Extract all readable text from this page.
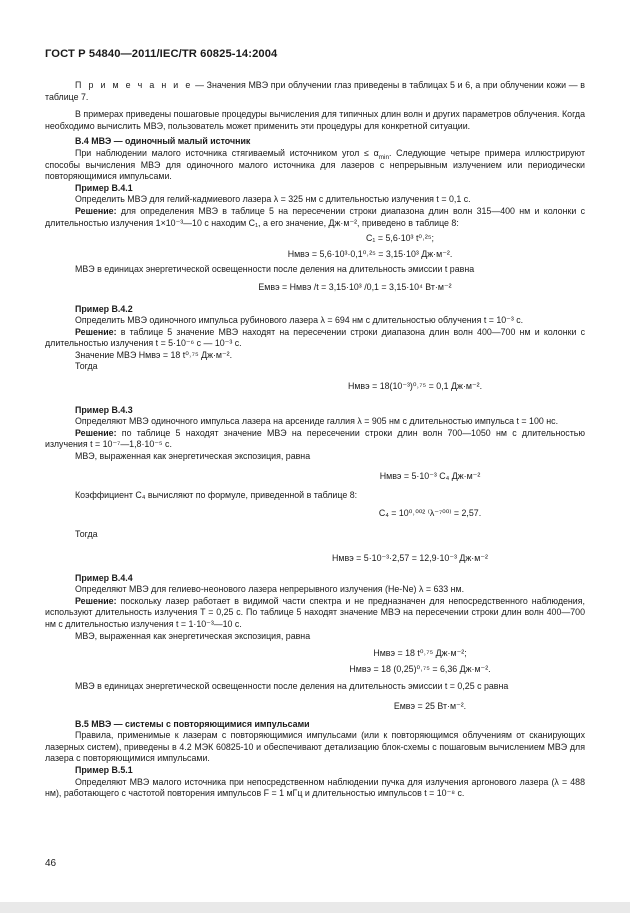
ГОСТ Р 54840—2011/IEC/TR 60825-14:2004

П р и м е ч а н и е — Значения МВЭ при облучении глаз приведены в таблицах 5 и 6, а при облучении кожи — в таблице 7.

В примерах приведены пошаговые процедуры вычисления для типичных длин волн и других параметров облучения. Когда необходимо вычислить МВЭ, пользователь может применить эти процедуры для конкретной ситуации.

В.4 МВЭ — одиночный малый источник

При наблюдении малого источника стягиваемый источником угол ≤ $\alpha_{min}$. Следующие четыре примера иллюстрируют способы вычисления МВЭ для одиночного малого источника для лазеров с непрерывным излучением или периодически повторяющимися импульсами.

Пример В.4.1

Определить МВЭ для гелий-кадмиевого лазера λ = 325 нм с длительностью излучения t = 0,1 с.

Решение: для определения МВЭ в таблице 5 на пересечении строки диапазона длин волн 315—400 нм и колонки с длительностью излучения 1×10⁻³—10 с находим C₁, а его значение, Дж·м⁻², приведено в таблице 8:

C₁ = 5,6·10³ t⁰˒²⁵;

Hмвэ = 5,6·10³·0,1⁰˒²⁵ = 3,15·10³ Дж·м⁻².

МВЭ в единицах энергетической освещенности после деления на длительность эмиссии t равна

Eмвэ = Hмвэ /t = 3,15·10³ /0,1 = 3,15·10⁴ Вт·м⁻²

Пример В.4.2

Определить МВЭ одиночного импульса рубинового лазера λ = 694 нм с длительностью облучения t = 10⁻³ с.

Решение: в таблице 5 значение МВЭ находят на пересечении строки диапазона длин волн 400—700 нм и колонки с длительностью излучения t = 5·10⁻⁶ с — 10⁻³ с.

Значение МВЭ Hмвэ = 18 t⁰˒⁷⁵ Дж·м⁻².

Тогда

Hмвэ = 18(10⁻³)⁰˒⁷⁵ = 0,1 Дж·м⁻².

Пример В.4.3

Определяют МВЭ одиночного импульса лазера на арсениде галлия λ = 905 нм с длительностью импульса t = 100 нс.

Решение: по таблице 5 находят значение МВЭ на пересечении строки длин волн 700—1050 нм с длительностью излучения t = 10⁻⁷—1,8·10⁻⁵ с.

МВЭ, выраженная как энергетическая экспозиция, равна

Hмвэ = 5·10⁻³ C₄ Дж·м⁻²

Коэффициент C₄ вычисляют по формуле, приведенной в таблице 8:

C₄ = 10⁰˒⁰⁰² ⁽λ⁻⁷⁰⁰⁾ = 2,57.

Тогда

Hмвэ = 5·10⁻³·2,57 = 12,9·10⁻³ Дж·м⁻²

Пример В.4.4

Определяют МВЭ для гелиево-неонового лазера непрерывного излучения (He-Ne) λ = 633 нм.

Решение: поскольку лазер работает в видимой части спектра и не предназначен для непосредственного наблюдения, используют длительность излучения T = 0,25 с. По таблице 5 находят значение МВЭ на пересечении строки длин волн 400—700 нм с длительностью излучения t = 1·10⁻³—10 с.

МВЭ, выраженная как энергетическая экспозиция, равна

Hмвэ = 18 t⁰˒⁷⁵ Дж·м⁻²;

Hмвэ = 18 (0,25)⁰˒⁷⁵ = 6,36 Дж·м⁻².

МВЭ в единицах энергетической освещенности после деления на длительность эмиссии t = 0,25 с равна

Eмвэ = 25 Вт·м⁻².

В.5 МВЭ — системы с повторяющимися импульсами

Правила, применимые к лазерам с повторяющимися импульсами (или к повторяющимся облучениям от сканирующих лазерных систем), приведены в 4.2 МЭК 60825-10 и обеспечивают детализацию блок-схемы с пошаговым вычислением МВЭ для лазера с повторяющимися импульсами.

Пример В.5.1

Определяют МВЭ малого источника при непосредственном наблюдении пучка для излучения аргонового лазера (λ = 488 нм), работающего с частотой повторения импульсов F = 1 мГц и длительностью импульсов t = 10⁻⁸ с.

46
